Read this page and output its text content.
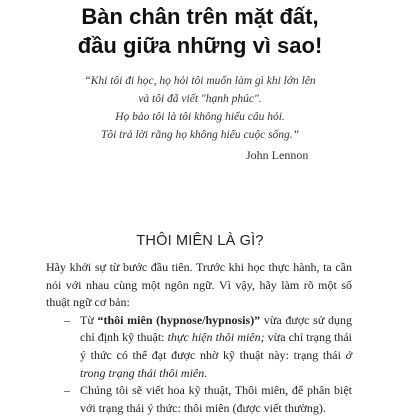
Bàn chân trên mặt đất,
đầu giữa những vì sao!
“Khi tôi đi học, họ hỏi tôi muốn làm gì khi lớn lên
và tôi đã viết "hạnh phúc".
Họ bảo tôi là tôi không hiểu câu hỏi.
Tôi trả lời rằng họ không hiểu cuộc sống.”
John Lennon
THÔI MIÊN LÀ GÌ?

Hãy khởi sự từ bước đầu tiên. Trước khi học thực hành, ta cần nói với nhau cùng một ngôn ngữ. Vì vậy, hãy làm rõ một số thuật ngữ cơ bản:

– Từ “thôi miên (hypnose/hypnosis)” vừa được sử dụng chỉ định kỹ thuật: thực hiện thôi miên; vừa chỉ trạng thái ý thức có thể đạt được nhờ kỹ thuật này: trạng thái ở trong trạng thái thôi miên.

– Chúng tôi sẽ viết hoa kỹ thuật, Thôi miên, để phân biệt với trạng thái ý thức: thôi miên (được viết thường).
